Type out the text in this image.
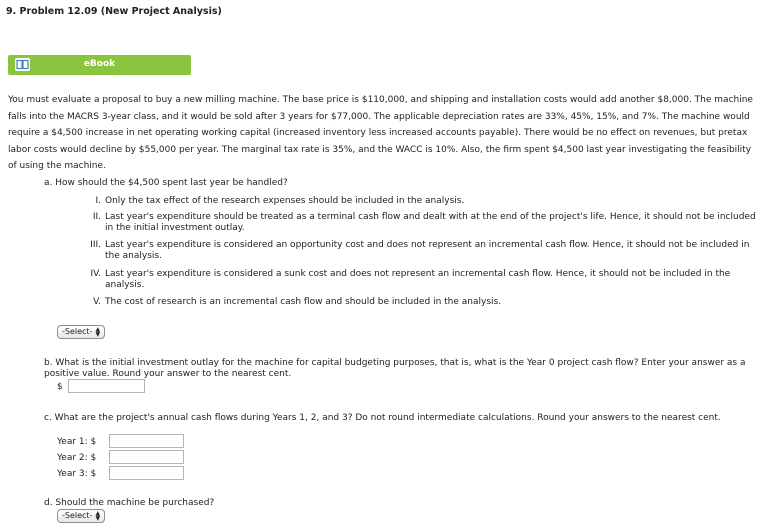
9. Problem 12.09 (New Project Analysis)
eBook
You must evaluate a proposal to buy a new milling machine. The base price is $110,000, and shipping and installation costs would add another $8,000. The machine falls into the MACRS 3-year class, and it would be sold after 3 years for $77,000. The applicable depreciation rates are 33%, 45%, 15%, and 7%. The machine would require a $4,500 increase in net operating working capital (increased inventory less increased accounts payable). There would be no effect on revenues, but pretax labor costs would decline by $55,000 per year. The marginal tax rate is 35%, and the WACC is 10%. Also, the firm spent $4,500 last year investigating the feasibility of using the machine.
a. How should the $4,500 spent last year be handled?
I. Only the tax effect of the research expenses should be included in the analysis.
II. Last year's expenditure should be treated as a terminal cash flow and dealt with at the end of the project's life. Hence, it should not be included in the initial investment outlay.
III. Last year's expenditure is considered an opportunity cost and does not represent an incremental cash flow. Hence, it should not be included in the analysis.
IV. Last year's expenditure is considered a sunk cost and does not represent an incremental cash flow. Hence, it should not be included in the analysis.
V. The cost of research is an incremental cash flow and should be included in the analysis.
-Select- ▲
▼
b. What is the initial investment outlay for the machine for capital budgeting purposes, that is, what is the Year 0 project cash flow? Enter your answer as a positive value. Round your answer to the nearest cent.
$
c. What are the project's annual cash flows during Years 1, 2, and 3? Do not round intermediate calculations. Round your answers to the nearest cent.
Year 1: $
Year 2: $
Year 3: $
d. Should the machine be purchased?
-Select- ▲
▼
